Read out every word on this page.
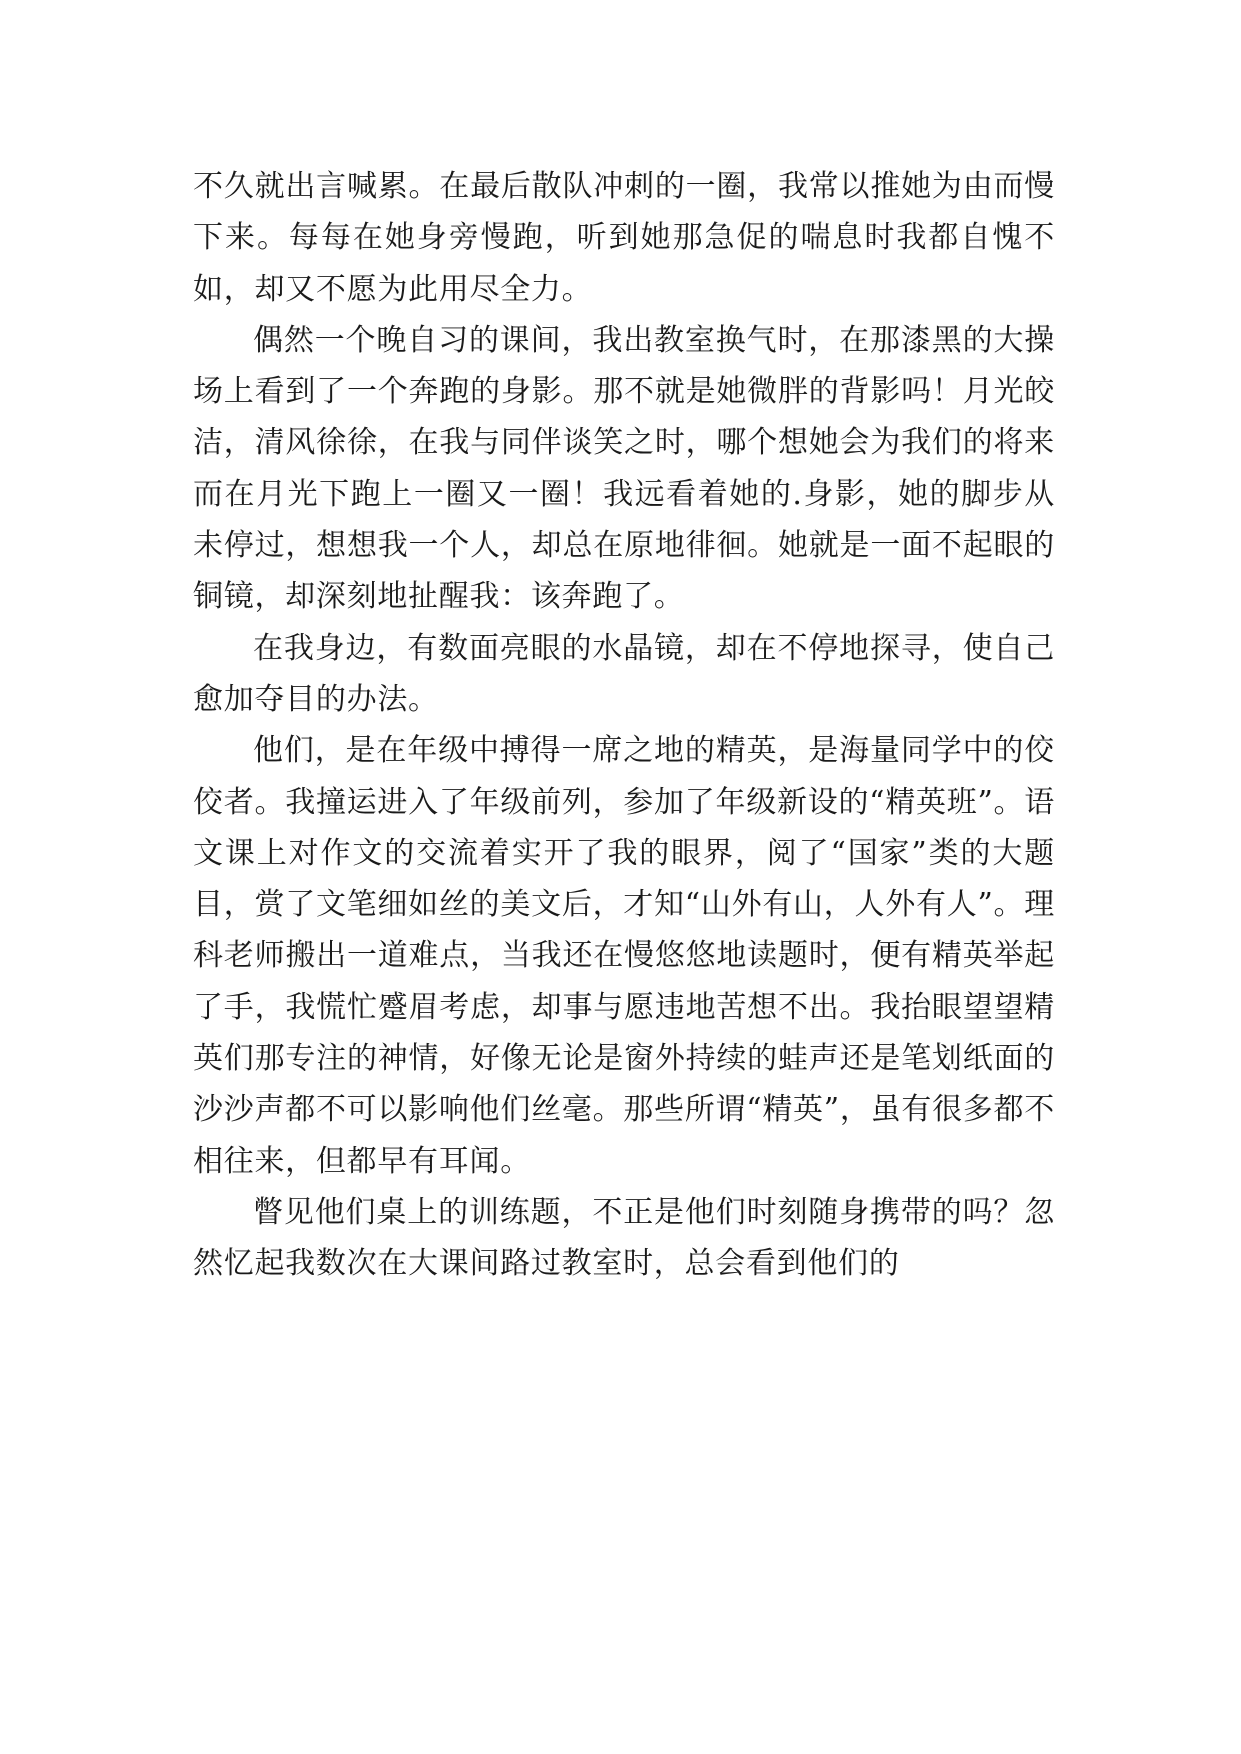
不久就出言喊累。在最后散队冲刺的一圈，我常以推她为由而慢下来。每每在她身旁慢跑，听到她那急促的喘息时我都自愧不如，却又不愿为此用尽全力。

偶然一个晚自习的课间，我出教室换气时，在那漆黑的大操场上看到了一个奔跑的身影。那不就是她微胖的背影吗！月光皎洁，清风徐徐，在我与同伴谈笑之时，哪个想她会为我们的将来而在月光下跑上一圈又一圈！我远看着她的.身影，她的脚步从未停过，想想我一个人，却总在原地徘徊。她就是一面不起眼的铜镜，却深刻地扯醒我：该奔跑了。

在我身边，有数面亮眼的水晶镜，却在不停地探寻，使自己愈加夺目的办法。

他们，是在年级中搏得一席之地的精英，是海量同学中的佼佼者。我撞运进入了年级前列，参加了年级新设的“精英班”。语文课上对作文的交流着实开了我的眼界，阅了“国家”类的大题目，赏了文笔细如丝的美文后，才知“山外有山，人外有人”。理科老师搬出一道难点，当我还在慢悠悠地读题时，便有精英举起了手，我慌忙蹙眉考虑，却事与愿违地苦想不出。我抬眼望望精英们那专注的神情，好像无论是窗外持续的蛙声还是笔划纸面的沙沙声都不可以影响他们丝毫。那些所谓“精英”，虽有很多都不相往来，但都早有耳闻。

瞥见他们桌上的训练题，不正是他们时刻随身携带的吗？忽然忆起我数次在大课间路过教室时，总会看到他们的
